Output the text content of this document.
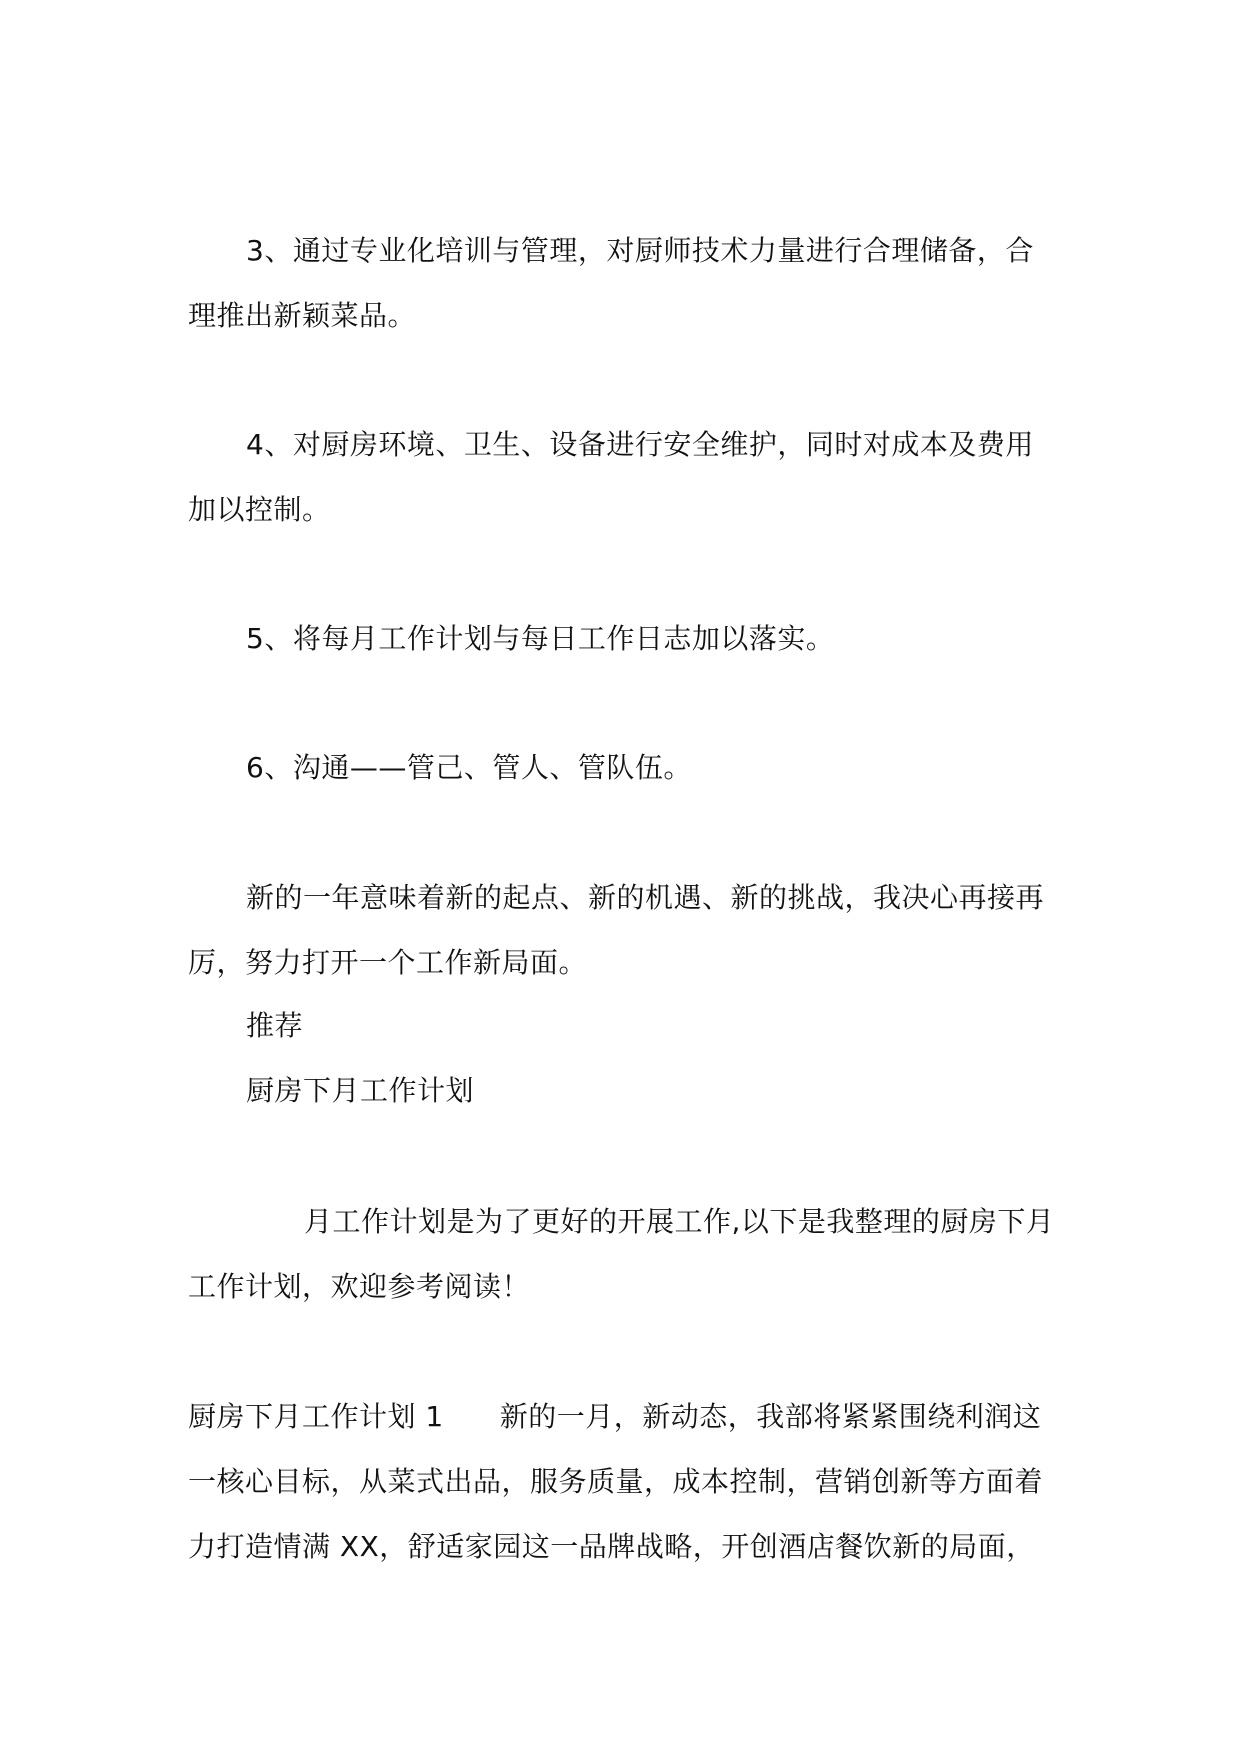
3、通过专业化培训与管理，对厨师技术力量进行合理储备，合理推出新颖菜品。

4、对厨房环境、卫生、设备进行安全维护，同时对成本及费用加以控制。

5、将每月工作计划与每日工作日志加以落实。

6、沟通——管己、管人、管队伍。

新的一年意味着新的起点、新的机遇、新的挑战，我决心再接再厉，努力打开一个工作新局面。

推荐

厨房下月工作计划

月工作计划是为了更好的开展工作,以下是我整理的厨房下月工作计划，欢迎参考阅读！

厨房下月工作计划 1 新的一月，新动态，我部将紧紧围绕利润这一核心目标，从菜式出品，服务质量，成本控制，营销创新等方面着力打造情满 XX，舒适家园这一品牌战略，开创酒店餐饮新的局面，
